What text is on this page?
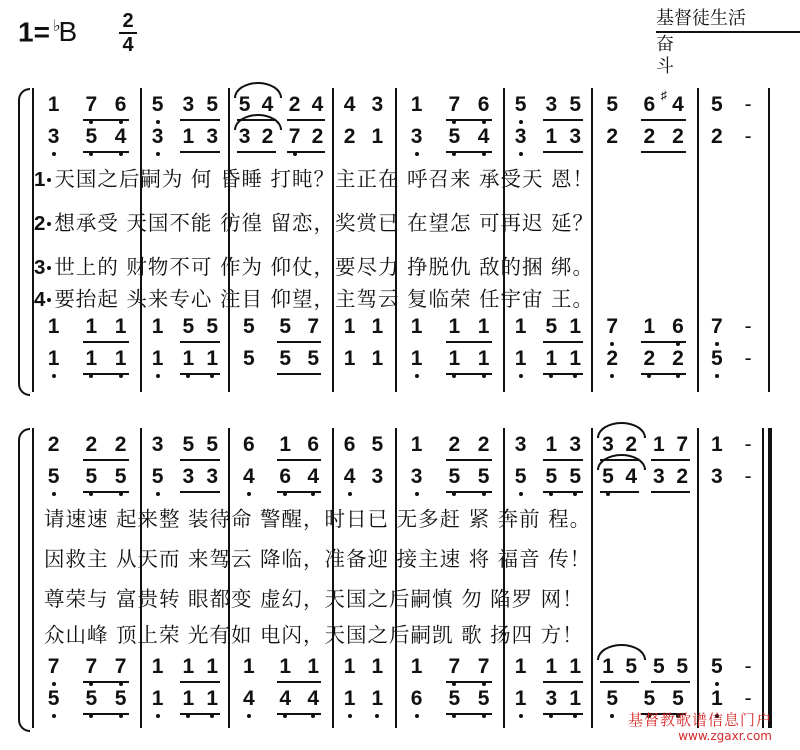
1= ♭B 2
4
基督徒生活
奋斗
1 7 6 5 3 5 5 4 2 4 4 3 1 7 6 5 3 5 5 6 4
♯ 5 -
3 5 4 3 1 3 3 2 7 2 2 1 3 5 4 3 1 3 2 2 2 2 -
1 1 1 1 5 5 5 5 7 1 1 1 1 1 1 5 1 7 1 6 7 -
1 1 1 1 1 1 5 5 5 1 1 1 1 1 1 1 1 2 2 2 5 -
1 天国之后嗣为 何 昏睡 打盹？主正在 呼召来 承受天 恩！
2 想承受 天国不能 彷徨 留恋，奖赏已 在望怎 可再迟 延？
3 世上的 财物不可 作为 仰仗，要尽力 挣脱仇 敌的捆 绑。
4 要抬起 头来专心 注目 仰望，主驾云 复临荣 任宇宙 王。
2 2 2 3 5 5 6 1 6 6 5 1 2 2 3 1 3 3 2 1 7 1 -
5 5 5 5 3 3 4 6 4 4 3 3 5 5 5 5 5 5 4 3 2 3 -
7 7 7 1 1 1 1 1 1 1 1 1 7 7 1 1 1 1 5 5 5 5 -
5 5 5 1 1 1 4 4 4 1 1 6 5 5 1 3 1 5 5 5 1 -
请速速 起来整 装待命 警醒，时日已 无多赶 紧 奔前 程。
因救主 从天而 来驾云 降临，准备迎 接主速 将 福音 传！
尊荣与 富贵转 眼都变 虚幻，天国之后嗣慎 勿 陷罗 网！
众山峰 顶上荣 光有如 电闪，天国之后嗣凯 歌 扬四 方！
基督教歌谱信息门户
www.zgaxr.com
